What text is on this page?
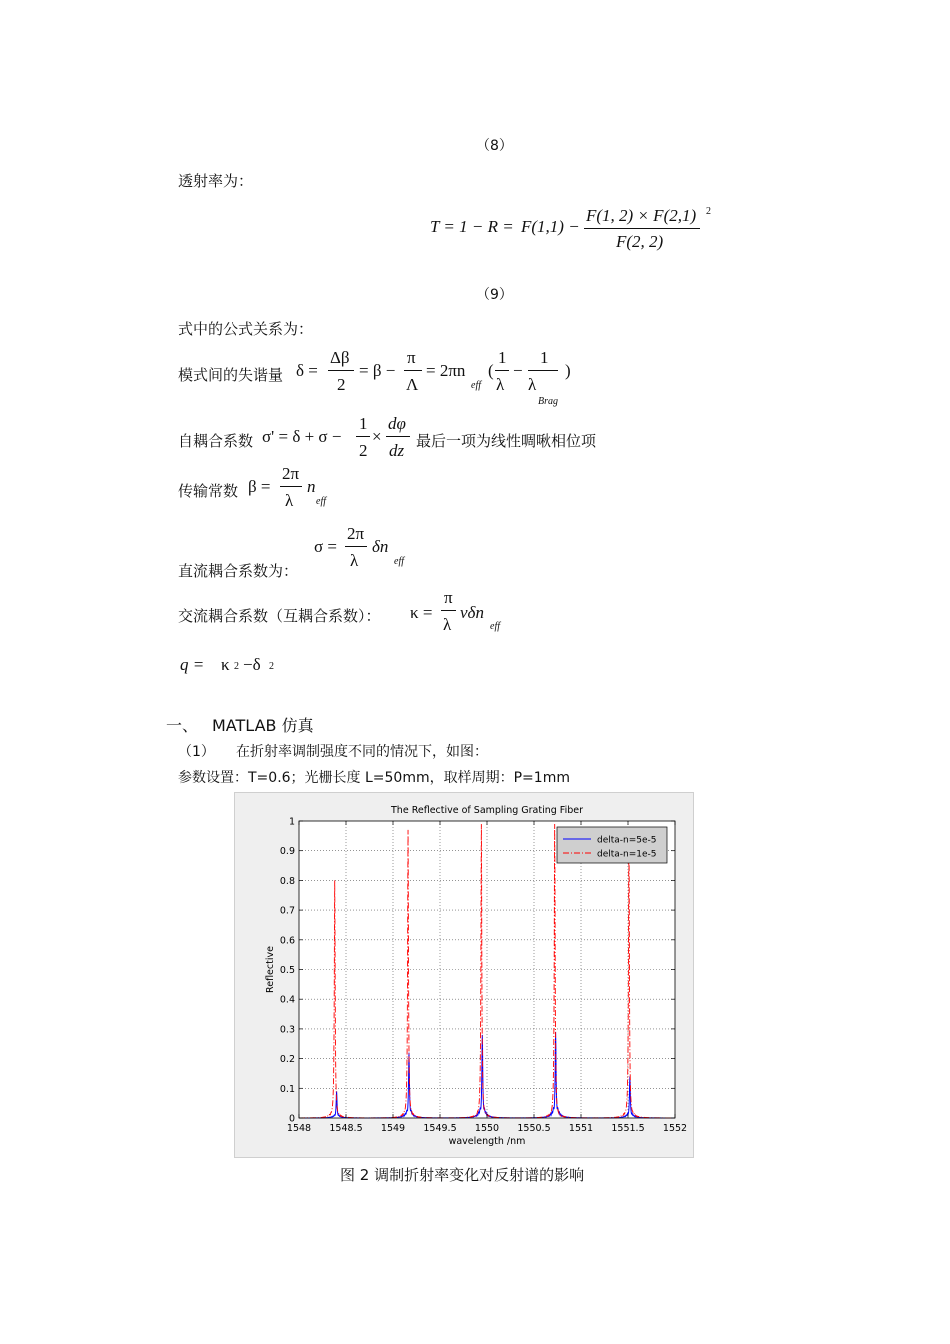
（8）
透射率为：
T = 1 − R = F(1,1) −
F(1, 2) × F(2,1) 2
F(2, 2)
（9）
式中的公式关系为：
模式间的失谐量 δ =
Δβ
2
= β −
π
Λ
= 2πn
eff
(
1
λ
−
1
λ
Brag
)
自耦合系数 σ' = δ + σ −
1
2
×
dφ
dz 最后一项为线性啁啾相位项
传输常数 β =
2π
λ
n
eff
直流耦合系数为：
σ =
2π
λ
δn
eff
交流耦合系数（互耦合系数）： κ =
π
λ
vδn
eff
q = κ 2 −δ 2
一、 MATLAB 仿真
（1） 在折射率调制强度不同的情况下，如图：
参数设置：T=0.6；光栅长度 L=50mm，取样周期：P=1mm
1548 1548.5 1549 1549.5 1550 1550.5 1551 1551.5 1552
0
0.1
0.2
0.3
0.4
0.5
0.6
0.7
0.8
0.9
1
The Reflective of Sampling Grating Fiber
wavelength /nm
Reflective
delta-n=5e-5
delta-n=1e-5
图 2 调制折射率变化对反射谱的影响
